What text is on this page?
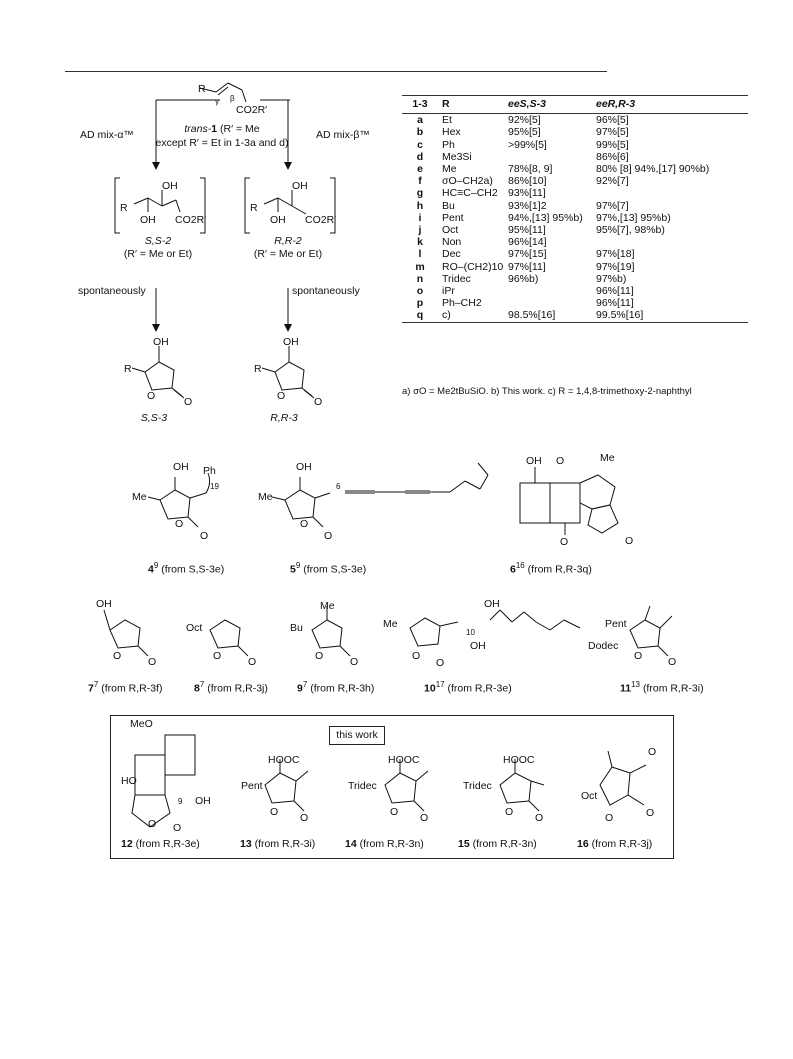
R
γ β
CO2R′
AD mix-α™	AD mix-β™
trans-1 (R′ = Me
except R′ = Et in 1-3a and d)
OH
R
OH CO2R′
S,S-2
(R′ = Me or Et)
OH
R
OH CO2R′
R,R-2
(R′ = Me or Et)
spontaneously	spontaneously
OH
R
O	O
S,S-3
OH
R
O	O
R,R-3
1-3	R	eeS,S-3	eeR,R-3
a	Et	92%[5]	96%[5]
b	Hex	95%[5]	97%[5]
c	Ph	>99%[5]	99%[5]
d	Me3Si		86%[6]
e	Me	78%[8, 9]	80% [8] 94%,[17] 90%b)
f	σO–CH2a)	86%[10]	92%[7]
g	HC≡C–CH2	93%[11]	
h	Bu	93%[1]2	97%[7]
i	Pent	94%,[13] 95%b)	97%,[13] 95%b)
j	Oct	95%[11]	95%[7], 98%b)
k	Non	96%[14]	
l	Dec	97%[15]	97%[18]
m	RO–(CH2)10	97%[11]	97%[19]
n	Tridec	96%b)	97%b)
o	iPr		96%[11]
p	Ph–CH2		96%[11]
q	c)	98.5%[16]	99.5%[16]
a) σO = Me2tBuSiO. b) This work. c) R = 1,4,8-trimethoxy-2-naphthyl
OH Ph
19
Me
O
O
$4^9$ (from S,S-3e)
OH
6
Me
O
O
$5^9$ (from S,S-3e)
OH O	Me
O	O
$6^{16}$ (from R,R-3q)
OH
O	O
$7^7$ (from R,R-3f)
Oct
O	O
$8^7$ (from R,R-3j)
Me
Bu
O	O
$9^7$ (from R,R-3h)
Me
10
OH
OH
O
O
Dodec
$10^{17}$ (from R,R-3e)
Pent
O O
$11^{13}$ (from R,R-3i)
this work
MeO
HO
OH
9
O O
12 (from R,R-3e)
HOOC
Pent
O O
13 (from R,R-3i)
HOOC
Tridec
O O
14 (from R,R-3n)
HOOC
Tridec
O O
15 (from R,R-3n)
O
Oct
O	O
16 (from R,R-3j)
